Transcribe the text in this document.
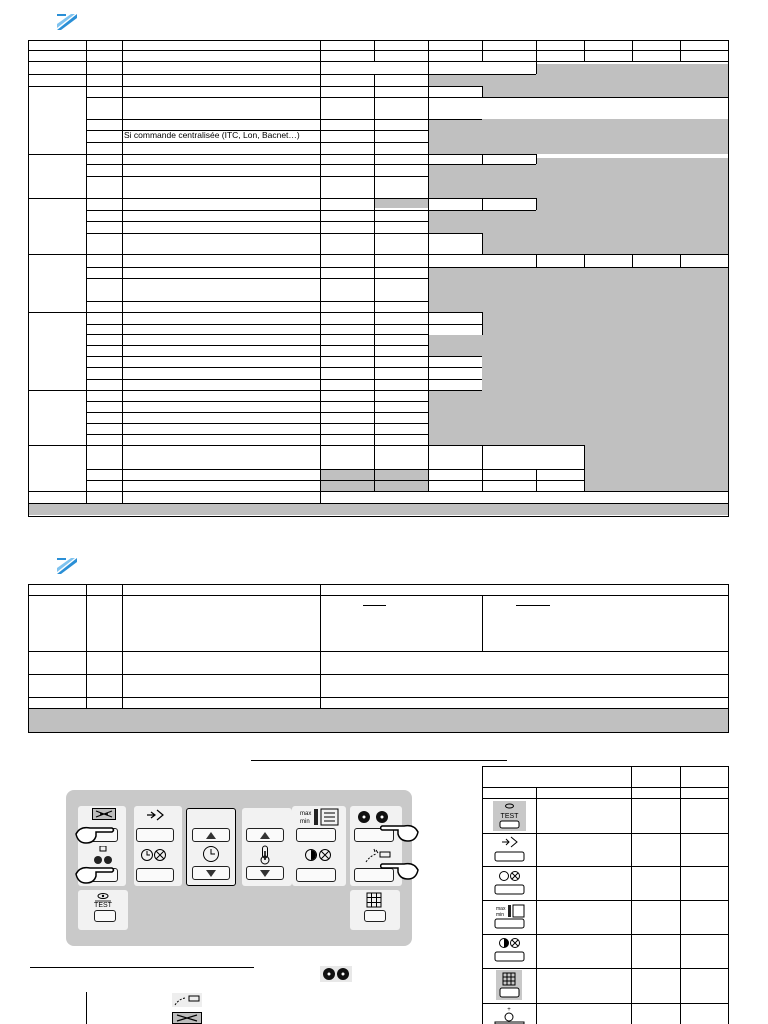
Si commande centralisée (ITC, Lon, Bacnet…)
TEST
max
min
TEST
max
min
+
